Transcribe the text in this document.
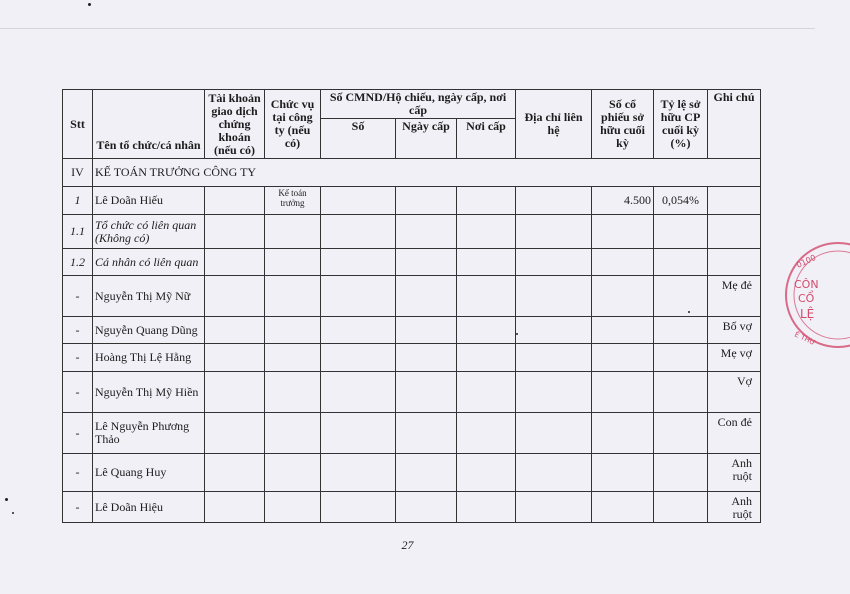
Stt	Tên tổ chức/cá nhân	Tài khoản giao dịch chứng khoán (nếu có)	Chức vụ tại công ty (nếu có)	Số CMND/Hộ chiếu, ngày cấp, nơi cấp			Địa chỉ liên hệ	Số cổ phiếu sở hữu cuối kỳ	Tỷ lệ sở hữu CP cuối kỳ (%)	Ghi chú
				Số	Ngày cấp	Nơi cấp				
IV	KẾ TOÁN TRƯỞNG CÔNG TY									
1	Lê Doãn Hiếu		Kế toán trưởng					4.500	0,054%	
1.1	Tổ chức có liên quan (Không có)									
1.2	Cá nhân có liên quan									
-	Nguyễn Thị Mỹ Nữ									Mẹ đẻ
-	Nguyễn Quang Dũng									Bố vợ
-	Hoàng Thị Lệ Hằng									Mẹ vợ
-	Nguyễn Thị Mỹ Hiền									Vợ
-	Lê Nguyễn Phương Thảo									Con đẻ
-	Lê Quang Huy									Anh ruột
-	Lê Doãn Hiệu									Anh ruột
0100
CÔN
CỔ
LỆ
Ê THƯ
27
